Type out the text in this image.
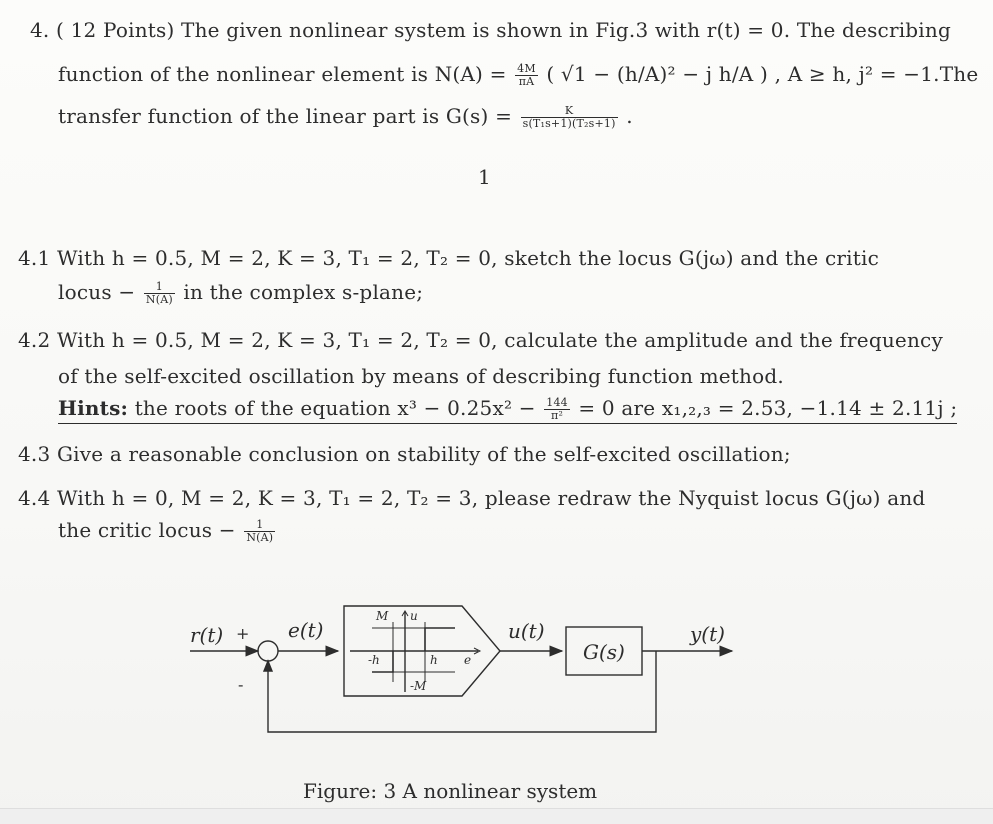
4. ( 12 Points) The given nonlinear system is shown in Fig.3 with r(t) = 0. The describing
function of the nonlinear element is $N(A) = \frac{4M}{\pi A}$ ( √1 − (h/A)² − j h/A ) , A ≥ h, j² = −1.The
transfer function of the linear part is $G(s) = \frac{K}{\text{s(T₁s+1)(T₂s+1)}}$ .
1
4.1 With h = 0.5, M = 2, K = 3, T₁ = 2, T₂ = 0, sketch the locus G(jω) and the critic
locus − $\frac{1}{N(A)}$ in the complex s-plane;
4.2 With h = 0.5, M = 2, K = 3, T₁ = 2, T₂ = 0, calculate the amplitude and the frequency
of the self-excited oscillation by means of describing function method.
Hints: the roots of the equation $x^3 - 0.25x^2 - \frac{144}{\text{π²}} = 0$ are x₁,₂,₃ = 2.53, −1.14 ± 2.11j ;
4.3 Give a reasonable conclusion on stability of the self-excited oscillation;
4.4 With h = 0, M = 2, K = 3, T₁ = 2, T₂ = 3, please redraw the Nyquist locus G(jω) and
the critic locus − $\frac{1}{N(A)}$
r(t)	e(t)	u(t)	y(t)
+
-
G(s)
M u
-h	h e
-M
Figure: 3 A nonlinear system
